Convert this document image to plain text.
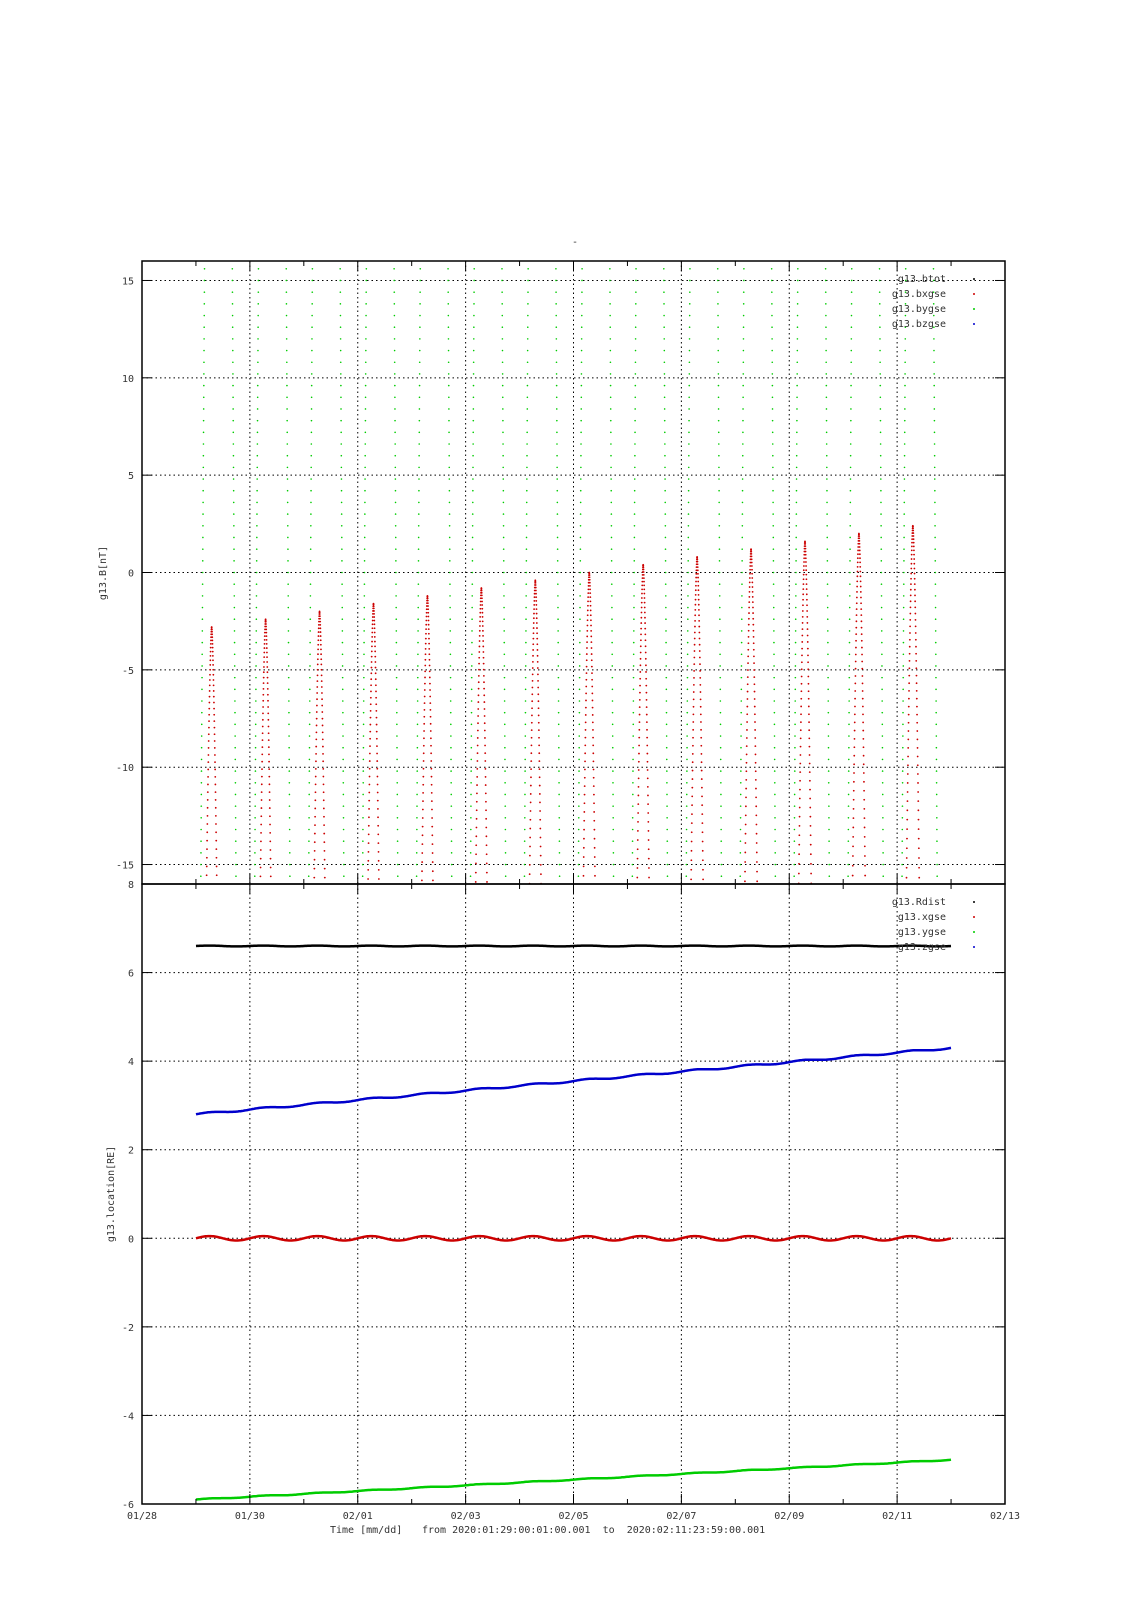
-
15
10
5
0
-5
-10
-15
g13.B[nT]
g13.btot
g13.bxgse
g13.bygse
g13.bzgse
8
6
4
2
0
-2
-4
-6
01/28	01/30	02/01	02/03	02/05	02/07	02/09	02/11	02/13
g13.location[RE]
g13.Rdist
g13.xgse
g13.ygse
g13.zgse
Time [mm/dd] from 2020:01:29:00:01:00.001  to  2020:02:11:23:59:00.001
